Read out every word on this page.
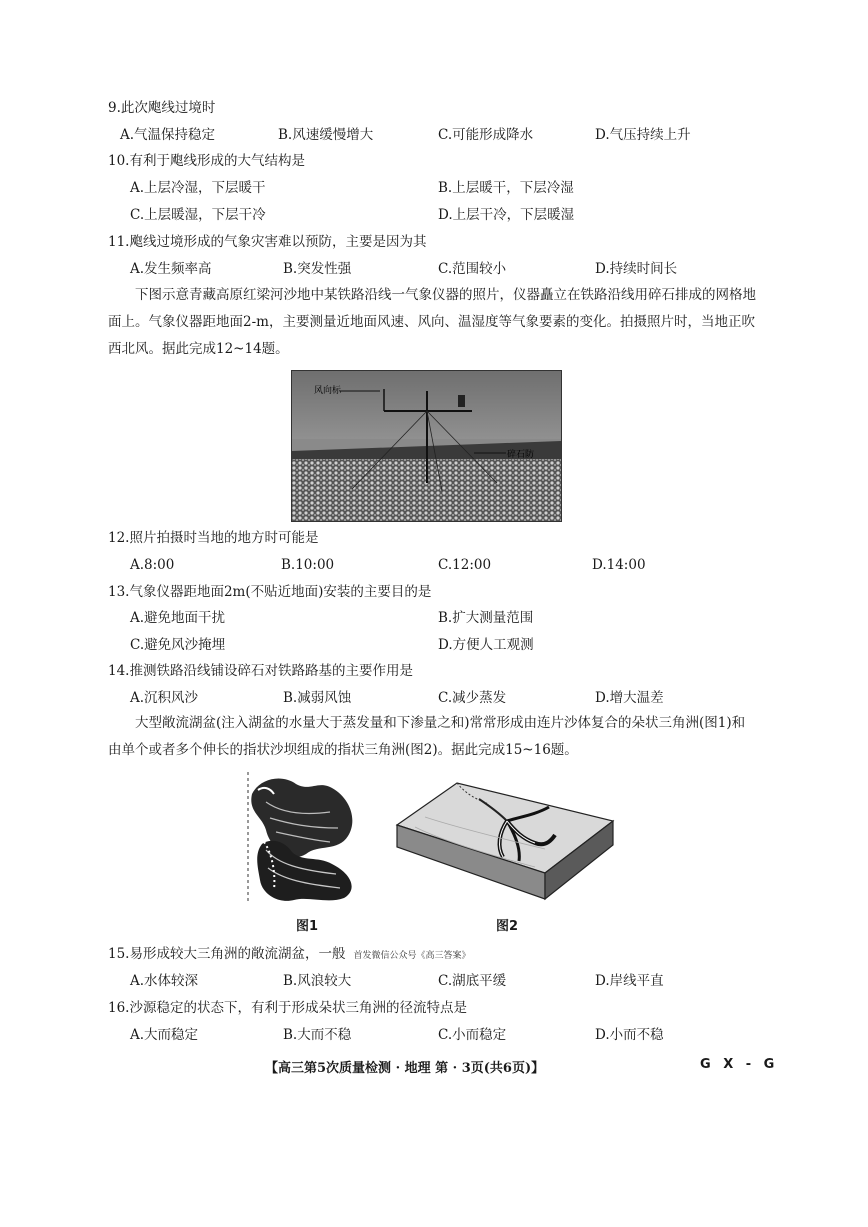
9.此次飑线过境时
A.气温保持稳定	B.风速缓慢增大	C.可能形成降水	D.气压持续上升
10.有利于飑线形成的大气结构是
A.上层冷湿，下层暖干	B.上层暖干，下层冷湿
C.上层暖湿，下层干冷	D.上层干冷，下层暖湿
11.飑线过境形成的气象灾害难以预防，主要是因为其
A.发生频率高	B.突发性强	C.范围较小	D.持续时间长
下图示意青藏高原红梁河沙地中某铁路沿线一气象仪器的照片，仪器矗立在铁路沿线用碎石排成的网格地面上。气象仪器距地面2-m，主要测量近地面风速、风向、温湿度等气象要素的变化。拍摄照片时，当地正吹西北风。据此完成12~14题。
风向标
碎石防
12.照片拍摄时当地的地方时可能是
A.8:00	B.10:00	C.12:00	D.14:00
13.气象仪器距地面2m(不贴近地面)安装的主要目的是
A.避免地面干扰	B.扩大测量范围
C.避免风沙掩埋	D.方便人工观测
14.推测铁路沿线铺设碎石对铁路路基的主要作用是
A.沉积风沙	B.减弱风蚀	C.减少蒸发	D.增大温差
大型敞流湖盆(注入湖盆的水量大于蒸发量和下渗量之和)常常形成由连片沙体复合的朵状三角洲(图1)和由单个或者多个伸长的指状沙坝组成的指状三角洲(图2)。据此完成15~16题。
图1	图2
15.易形成较大三角洲的敞流湖盆，一般 首发微信公众号《高三答案》
A.水体较深	B.风浪较大	C.湖底平缓	D.岸线平直
16.沙源稳定的状态下，有利于形成朵状三角洲的径流特点是
A.大而稳定	B.大而不稳	C.小而稳定	D.小而不稳
【高三第5次质量检测 · 地理 第 · 3页(共6页)】	G X - G
